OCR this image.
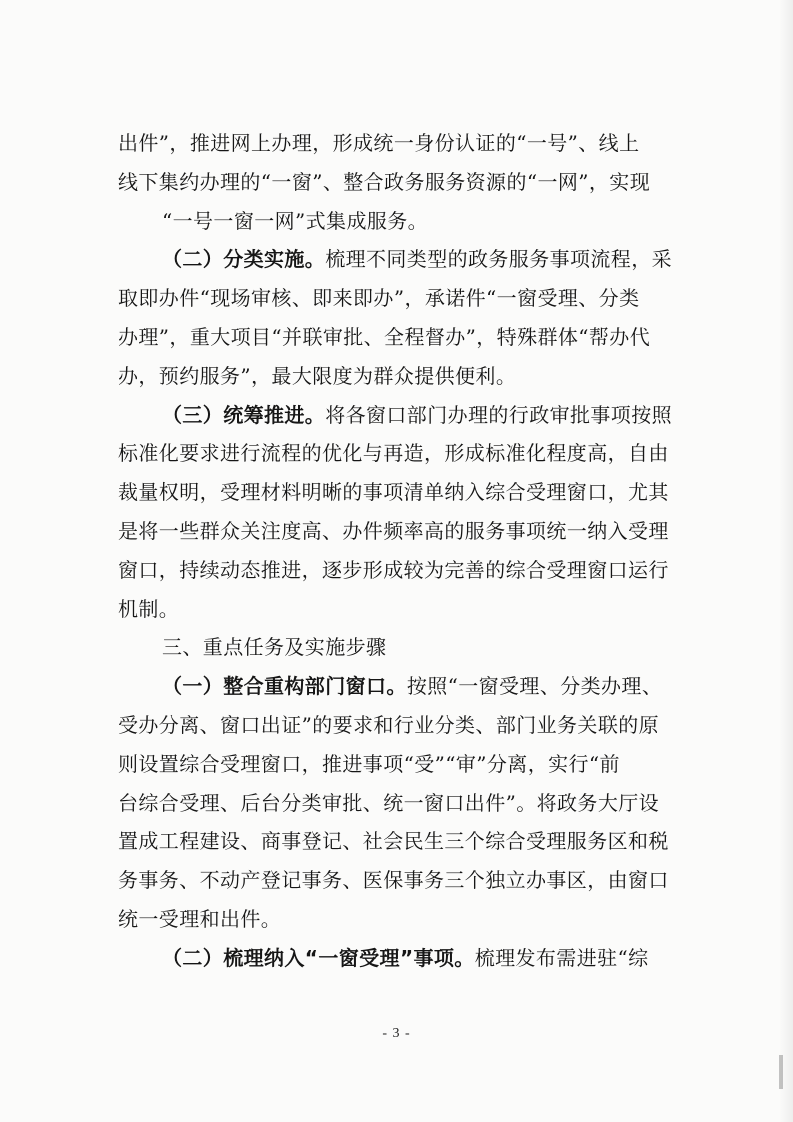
出件”，推进网上办理，形成统一身份认证的“一号”、线上
线下集约办理的“一窗”、整合政务服务资源的“一网”，实现
“一号一窗一网”式集成服务。
（二）分类实施。梳理不同类型的政务服务事项流程，采
取即办件“现场审核、即来即办”，承诺件“一窗受理、分类
办理”，重大项目“并联审批、全程督办”，特殊群体“帮办代
办，预约服务”，最大限度为群众提供便利。
（三）统筹推进。将各窗口部门办理的行政审批事项按照
标准化要求进行流程的优化与再造，形成标准化程度高，自由
裁量权明，受理材料明晰的事项清单纳入综合受理窗口，尤其
是将一些群众关注度高、办件频率高的服务事项统一纳入受理
窗口，持续动态推进，逐步形成较为完善的综合受理窗口运行
机制。
三、重点任务及实施步骤
（一）整合重构部门窗口。按照“一窗受理、分类办理、
受办分离、窗口出证”的要求和行业分类、部门业务关联的原
则设置综合受理窗口，推进事项“受”“审”分离，实行“前
台综合受理、后台分类审批、统一窗口出件”。将政务大厅设
置成工程建设、商事登记、社会民生三个综合受理服务区和税
务事务、不动产登记事务、医保事务三个独立办事区，由窗口
统一受理和出件。
（二）梳理纳入“一窗受理”事项。梳理发布需进驻“综
- 3 -
